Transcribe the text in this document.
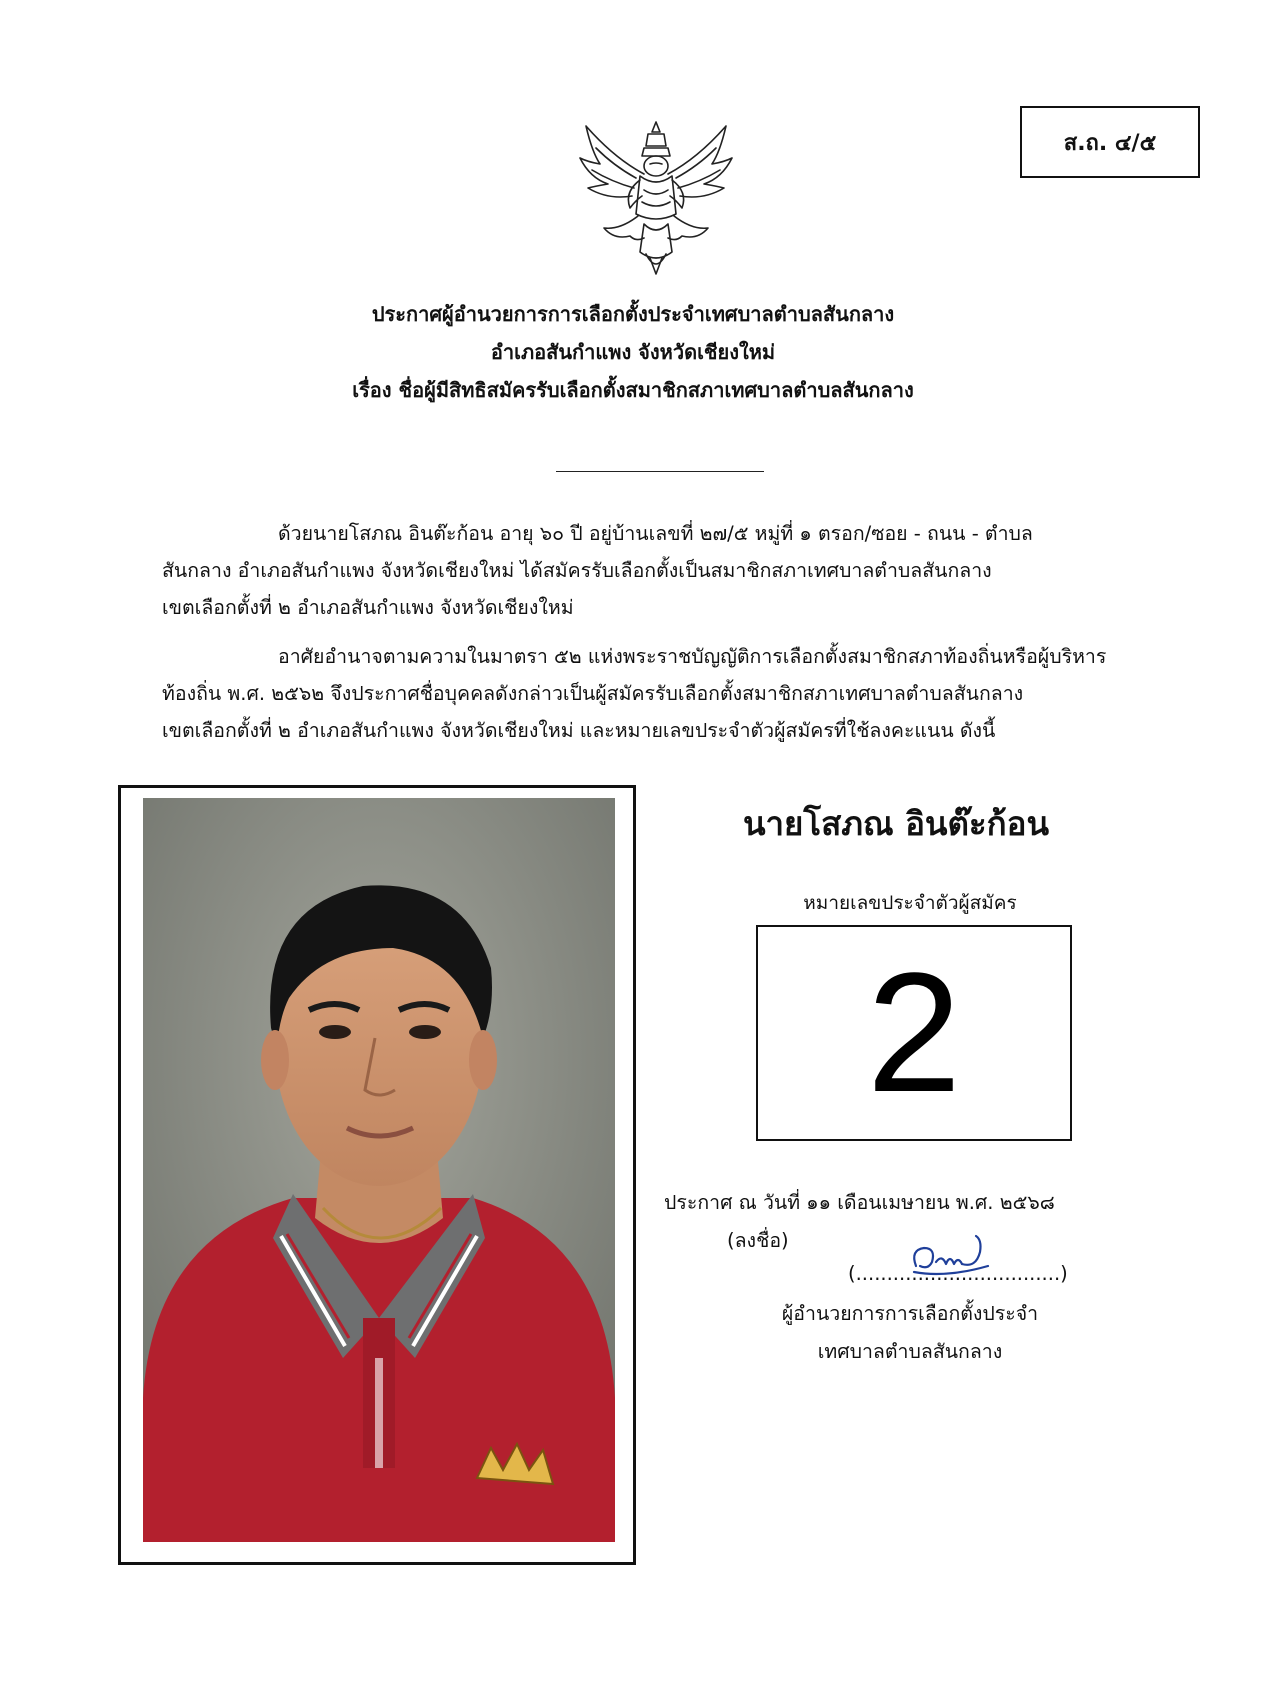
ส.ถ. ๔/๕
ประกาศผู้อำนวยการการเลือกตั้งประจำเทศบาลตำบลสันกลาง
อำเภอสันกำแพง จังหวัดเชียงใหม่
เรื่อง ชื่อผู้มีสิทธิสมัครรับเลือกตั้งสมาชิกสภาเทศบาลตำบลสันกลาง
ด้วยนายโสภณ อินต๊ะก้อน อายุ ๖๐ ปี อยู่บ้านเลขที่ ๒๗/๕ หมู่ที่ ๑ ตรอก/ซอย - ถนน - ตำบล
สันกลาง อำเภอสันกำแพง จังหวัดเชียงใหม่ ได้สมัครรับเลือกตั้งเป็นสมาชิกสภาเทศบาลตำบลสันกลาง
เขตเลือกตั้งที่ ๒ อำเภอสันกำแพง จังหวัดเชียงใหม่
อาศัยอำนาจตามความในมาตรา ๕๒ แห่งพระราชบัญญัติการเลือกตั้งสมาชิกสภาท้องถิ่นหรือผู้บริหาร
ท้องถิ่น พ.ศ. ๒๕๖๒ จึงประกาศชื่อบุคคลดังกล่าวเป็นผู้สมัครรับเลือกตั้งสมาชิกสภาเทศบาลตำบลสันกลาง
เขตเลือกตั้งที่ ๒ อำเภอสันกำแพง จังหวัดเชียงใหม่ และหมายเลขประจำตัวผู้สมัครที่ใช้ลงคะแนน ดังนี้
นายโสภณ อินต๊ะก้อน
หมายเลขประจำตัวผู้สมัคร
2
ประกาศ ณ วันที่ ๑๑ เดือนเมษายน พ.ศ. ๒๕๖๘
(ลงชื่อ)
(.................................)
ผู้อำนวยการการเลือกตั้งประจำ
เทศบาลตำบลสันกลาง
